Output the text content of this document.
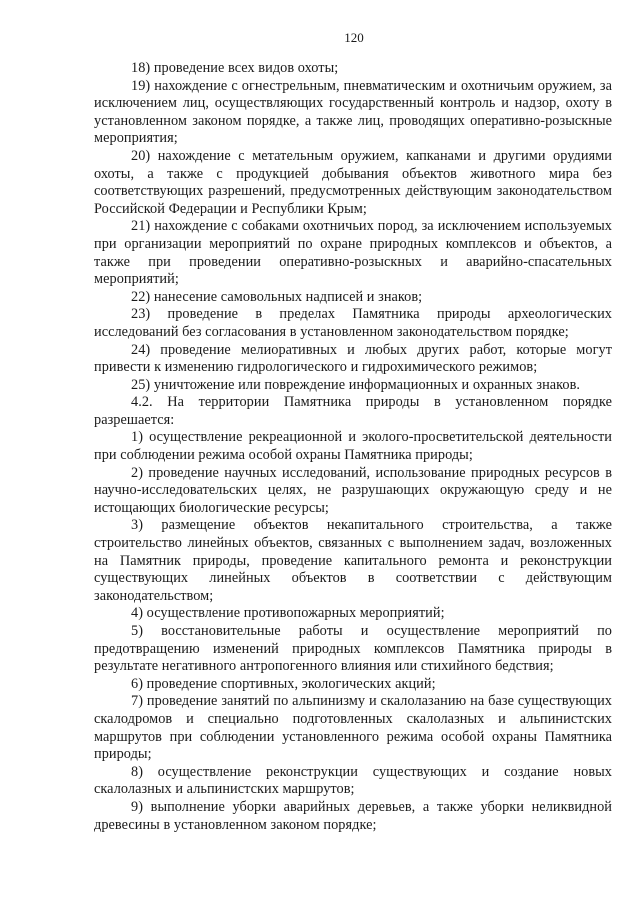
120

18) проведение всех видов охоты;

19) нахождение с огнестрельным, пневматическим и охотничьим оружием, за исключением лиц, осуществляющих государственный контроль и надзор, охоту в установленном законом порядке, а также лиц, проводящих оперативно-розыскные мероприятия;

20) нахождение с метательным оружием, капканами и другими орудиями охоты, а также с продукцией добывания объектов животного мира без соответствующих разрешений, предусмотренных действующим законодательством Российской Федерации и Республики Крым;

21) нахождение с собаками охотничьих пород, за исключением используемых при организации мероприятий по охране природных комплексов и объектов, а также при проведении оперативно-розыскных и аварийно-спасательных мероприятий;

22) нанесение самовольных надписей и знаков;

23) проведение в пределах Памятника природы археологических исследований без согласования в установленном законодательством порядке;

24) проведение мелиоративных и любых других работ, которые могут привести к изменению гидрологического и гидрохимического режимов;

25) уничтожение или повреждение информационных и охранных знаков.

4.2. На территории Памятника природы в установленном порядке разрешается:

1) осуществление рекреационной и эколого-просветительской деятельности при соблюдении режима особой охраны Памятника природы;

2) проведение научных исследований, использование природных ресурсов в научно-исследовательских целях, не разрушающих окружающую среду и не истощающих биологические ресурсы;

3) размещение объектов некапитального строительства, а также строительство линейных объектов, связанных с выполнением задач, возложенных на Памятник природы, проведение капитального ремонта и реконструкции существующих линейных объектов в соответствии с действующим законодательством;

4) осуществление противопожарных мероприятий;

5) восстановительные работы и осуществление мероприятий по предотвращению изменений природных комплексов Памятника природы в результате негативного антропогенного влияния или стихийного бедствия;

6) проведение спортивных, экологических акций;

7) проведение занятий по альпинизму и скалолазанию на базе существующих скалодромов и специально подготовленных скалолазных и альпинистских маршрутов при соблюдении установленного режима особой охраны Памятника природы;

8) осуществление реконструкции существующих и создание новых скалолазных и альпинистских маршрутов;

9) выполнение уборки аварийных деревьев, а также уборки неликвидной древесины в установленном законом порядке;
